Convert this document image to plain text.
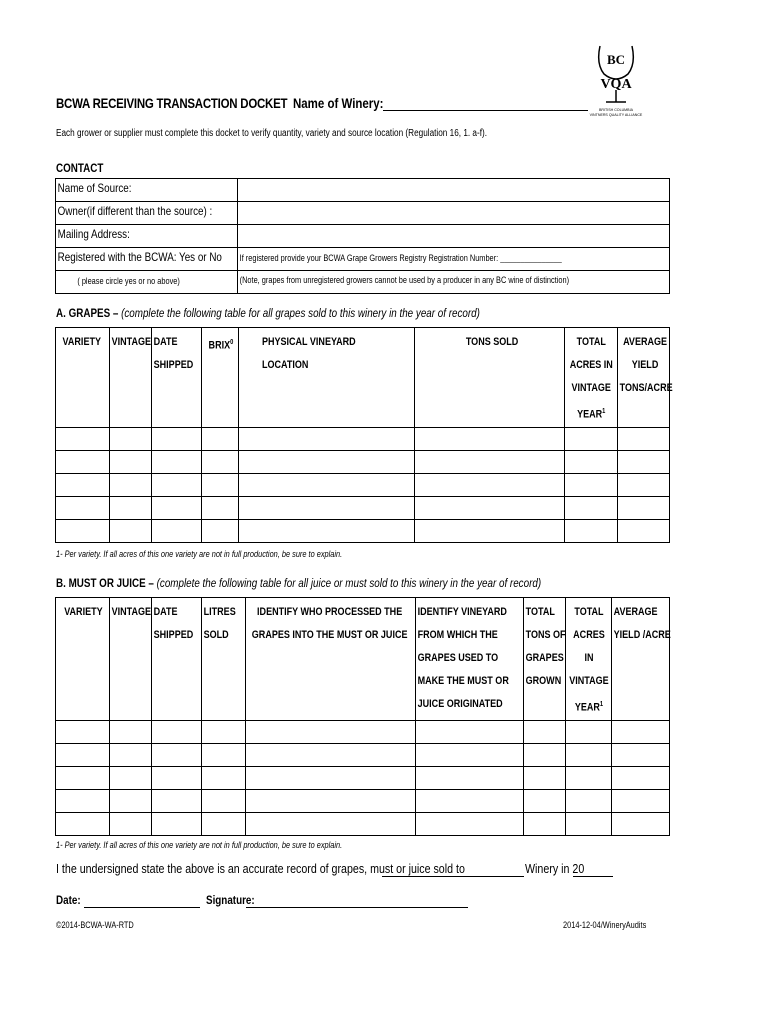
BCWA RECEIVING TRANSACTION DOCKET Name of Winery:
BC
VQA
BRITISH COLUMBIA
VINTNERS QUALITY ALLIANCE
Each grower or supplier must complete this docket to verify quantity, variety and source location (Regulation 16, 1. a-f).
CONTACT
Name of Source:	

Owner(if different than the source) :	

Mailing Address:	

Registered with the BCWA: Yes or No	If registered provide your BCWA Grape Growers Registry Registration Number: _______________

( please circle yes or no above)	(Note, grapes from unregistered growers cannot be used by a producer in any BC wine of distinction)
A. GRAPES – (complete the following table for all grapes sold to this winery in the year of record)
VARIETY	VINTAGE	DATE SHIPPED	BRIX$^0$	PHYSICAL VINEYARD LOCATION	TONS SOLD	TOTAL ACRES IN VINTAGE YEAR$^1$	AVERAGE YIELD TONS/ACRE

1- Per variety. If all acres of this one variety are not in full production, be sure to explain.
B. MUST OR JUICE – (complete the following table for all juice or must sold to this winery in the year of record)
VARIETY	VINTAGE	DATE SHIPPED	LITRES SOLD	IDENTIFY WHO PROCESSED THE GRAPES INTO THE MUST OR JUICE	IDENTIFY VINEYARD FROM WHICH THE GRAPES USED TO MAKE THE MUST OR JUICE ORIGINATED	TOTAL TONS OF GRAPES GROWN	TOTAL ACRES IN VINTAGE YEAR$^1$	AVERAGE YIELD /ACRE

1- Per variety. If all acres of this one variety are not in full production, be sure to explain.
I the undersigned state the above is an accurate record of grapes, must or juice sold to	Winery in 20
Date:	Signature:
©2014-BCWA-WA-RTD	2014-12-04/WineryAudits
